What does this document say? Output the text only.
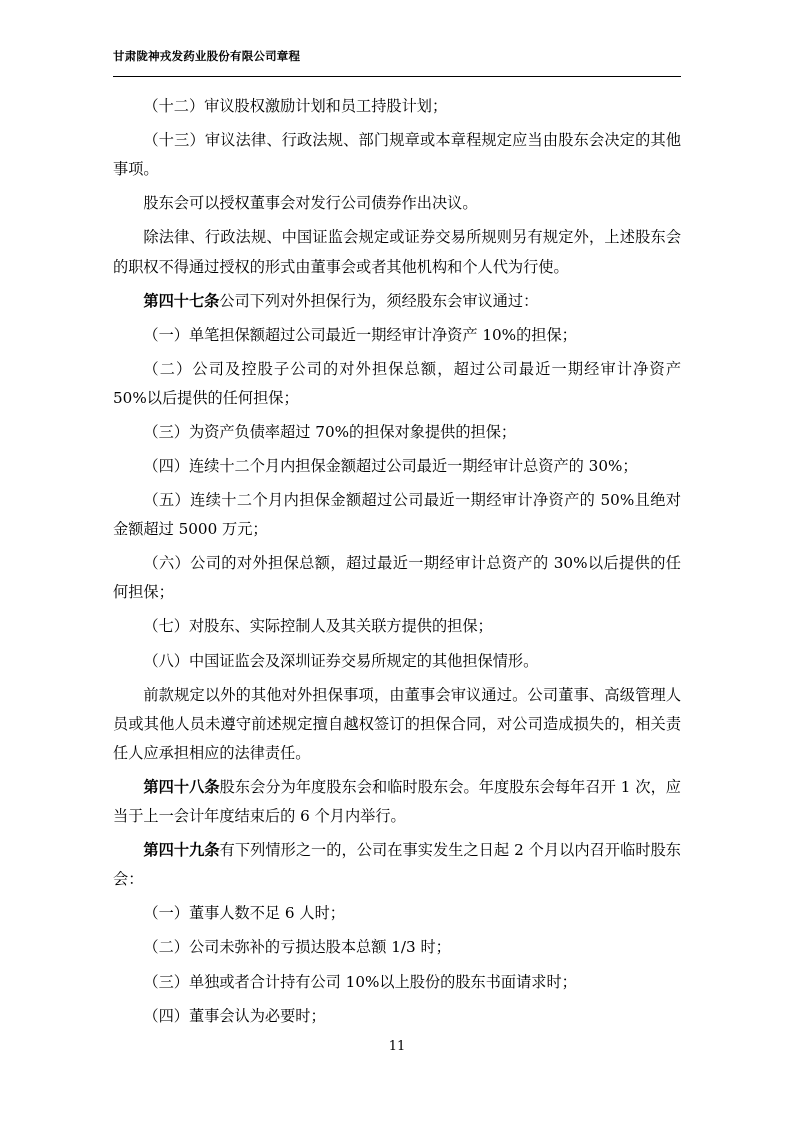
甘肃陇神戎发药业股份有限公司章程

（十二）审议股权激励计划和员工持股计划；

（十三）审议法律、行政法规、部门规章或本章程规定应当由股东会决定的其他事项。

股东会可以授权董事会对发行公司债券作出决议。

除法律、行政法规、中国证监会规定或证券交易所规则另有规定外，上述股东会的职权不得通过授权的形式由董事会或者其他机构和个人代为行使。

第四十七条公司下列对外担保行为，须经股东会审议通过：

（一）单笔担保额超过公司最近一期经审计净资产 10%的担保；

（二）公司及控股子公司的对外担保总额，超过公司最近一期经审计净资产 50%以后提供的任何担保；

（三）为资产负债率超过 70%的担保对象提供的担保；

（四）连续十二个月内担保金额超过公司最近一期经审计总资产的 30%；

（五）连续十二个月内担保金额超过公司最近一期经审计净资产的 50%且绝对金额超过 5000 万元；

（六）公司的对外担保总额，超过最近一期经审计总资产的 30%以后提供的任何担保；

（七）对股东、实际控制人及其关联方提供的担保；

（八）中国证监会及深圳证券交易所规定的其他担保情形。

前款规定以外的其他对外担保事项，由董事会审议通过。公司董事、高级管理人员或其他人员未遵守前述规定擅自越权签订的担保合同，对公司造成损失的，相关责任人应承担相应的法律责任。

第四十八条股东会分为年度股东会和临时股东会。年度股东会每年召开 1 次，应当于上一会计年度结束后的 6 个月内举行。

第四十九条有下列情形之一的，公司在事实发生之日起 2 个月以内召开临时股东会：

（一）董事人数不足 6 人时；

（二）公司未弥补的亏损达股本总额 1/3 时；

（三）单独或者合计持有公司 10%以上股份的股东书面请求时；

（四）董事会认为必要时；

11
